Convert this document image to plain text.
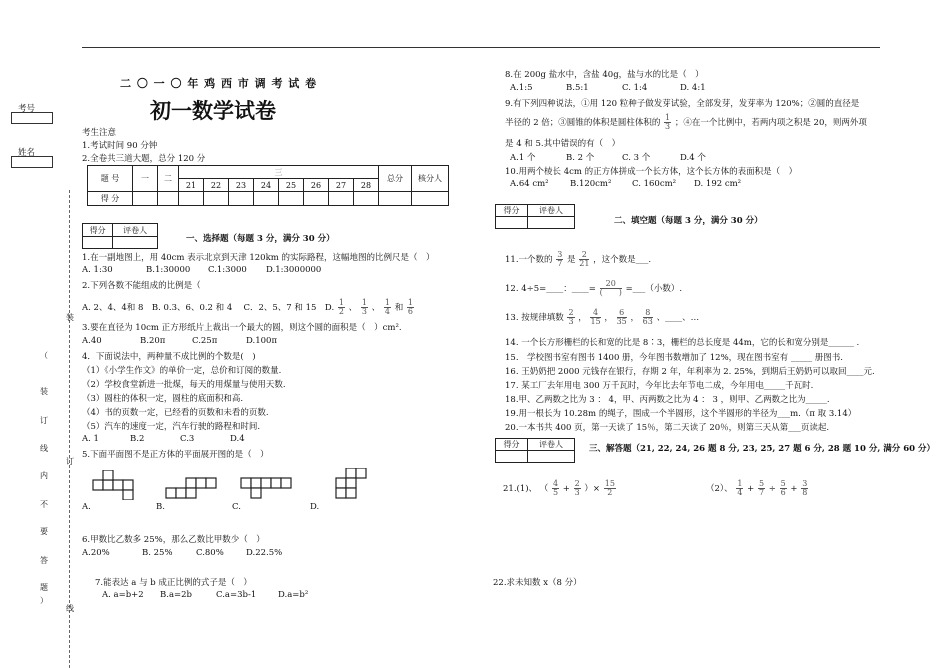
考号
姓名
装
订
线
（
装
订
线
内
不
要
答
题
）
二 〇 一 〇 年 鸡 西 市 调 考 试 卷
初一数学试卷
考生注意
1.考试时间 90 分钟
2.全卷共三道大题，总分 120 分
题 号	一	二	三								总分	核分人
			21	22	23	24	25	26	27	28		
得 分												
得分	评卷人

一、选择题（每题 3 分，满分 30 分）
1.在一副地图上，用 40cm 表示北京到天津 120km 的实际路程，这幅地图的比例尺是（　）
A. 1:30	B.1:30000 C.1:3000 D.1:3000000
2.下列各数不能组成的比例是（
A. 2、4、4和 8　B. 0.3、6、0.2 和 4　 C．2、5、7 和 15　D. $\frac{1}{2}$ 、 $\frac{1}{3}$ 、 $\frac{1}{4}$ 和 $\frac{1}{6}$
3.要在直径为 10cm 正方形纸片上裁出一个最大的圆，则这个圆的面积是（　）cm².
A.40	B.20π	C.25π	D.100π
4．下面说法中，两种量不成比例的个数是(　)
（1）《小学生作文》的单价一定，总价和订阅的数量.
（2）学校食堂新进一批煤，每天的用煤量与使用天数.
（3）圆柱的体积一定，圆柱的底面积和高.
（4）书的页数一定，已经看的页数和未看的页数.
（5）汽车的速度一定，汽车行驶的路程和时间.
A. 1	B.2	C.3	D.4
5.下面平面图不是正方体的平面展开图的是（　）
A.	B.	C.	D.
6.甲数比乙数多 25%，那么乙数比甲数少（　）
A.20%	B. 25%	C.80%	D.22.5%
7.能表达 a 与 b 成正比例的式子是（　）
A. a=b+2 B.a=2b	C.a=3b-1	D.a=b²
8.在 200g 盐水中，含盐 40g，盐与水的比是（　）
A.1:5	B.5:1	C. 1:4	D. 4:1
9.有下列四种说法，①用 120 粒种子做发芽试验，全部发芽，发芽率为 120%；②圆的直径是
半径的 2 倍；③圆锥的体积是圆柱体积的 $\frac{1}{3}$ ；④在一个比例中，若两内项之积是 20，则两外项
是 4 和 5.其中错误的有（　）
A.1 个	B. 2 个	C. 3 个	D.4 个
10.用两个棱长 4cm 的正方体拼成一个长方体，这个长方体的表面积是（　）
A.64 cm²	B.120cm² C. 160cm² D. 192 cm²
得分	评卷人

二、填空题（每题 3 分，满分 30 分）
11.一个数的 $\frac{3}{7}$ 是 $\frac{2}{21}$ ，这个数是___.
12. 4÷5=____：____= $\frac{20}{( )}$ =___（小数）.
13. 按规律填数 $\frac{2}{3}$ ， $\frac{4}{15}$ ， $\frac{6}{35}$ ， $\frac{8}{63}$ 、____、…
14. 一个长方形栅栏的长和宽的比是 8∶3，栅栏的总长度是 44m，它的长和宽分别是______ .
15.　学校图书室有图书 1400 册，今年图书数增加了 12%，现在图书室有 _____ 册图书.
16. 王奶奶把 2000 元钱存在银行，存期 2 年，年利率为 2. 25%，到期后王奶奶可以取回____元.
17. 某工厂去年用电 300 万千瓦时，今年比去年节电二成，今年用电_____千瓦时.
18.甲、乙两数之比为 3 ： 4，甲、丙两数之比为 4 ： 3 ，则甲、乙两数之比为_____.
19.用一根长为 10.28m 的绳子，围成一个半圆形，这个半圆形的半径为___m.（π 取 3.14）
20.一本书共 400 页，第一天读了 15％，第二天读了 20％，则第三天从第___页读起.
得分	评卷人
		三、解答题（21, 22, 24, 26 题 8 分, 23, 25, 27 题 6 分, 28 题 10 分, 满分 60 分）
21.(1)、 （ $\frac{4}{5} + \frac{2}{3}$ ）× $\frac{15}{2}$	（2）、 $\frac{1}{4} + \frac{5}{7} \div \frac{5}{6} + \frac{3}{8}$
22.求未知数 x（8 分）
